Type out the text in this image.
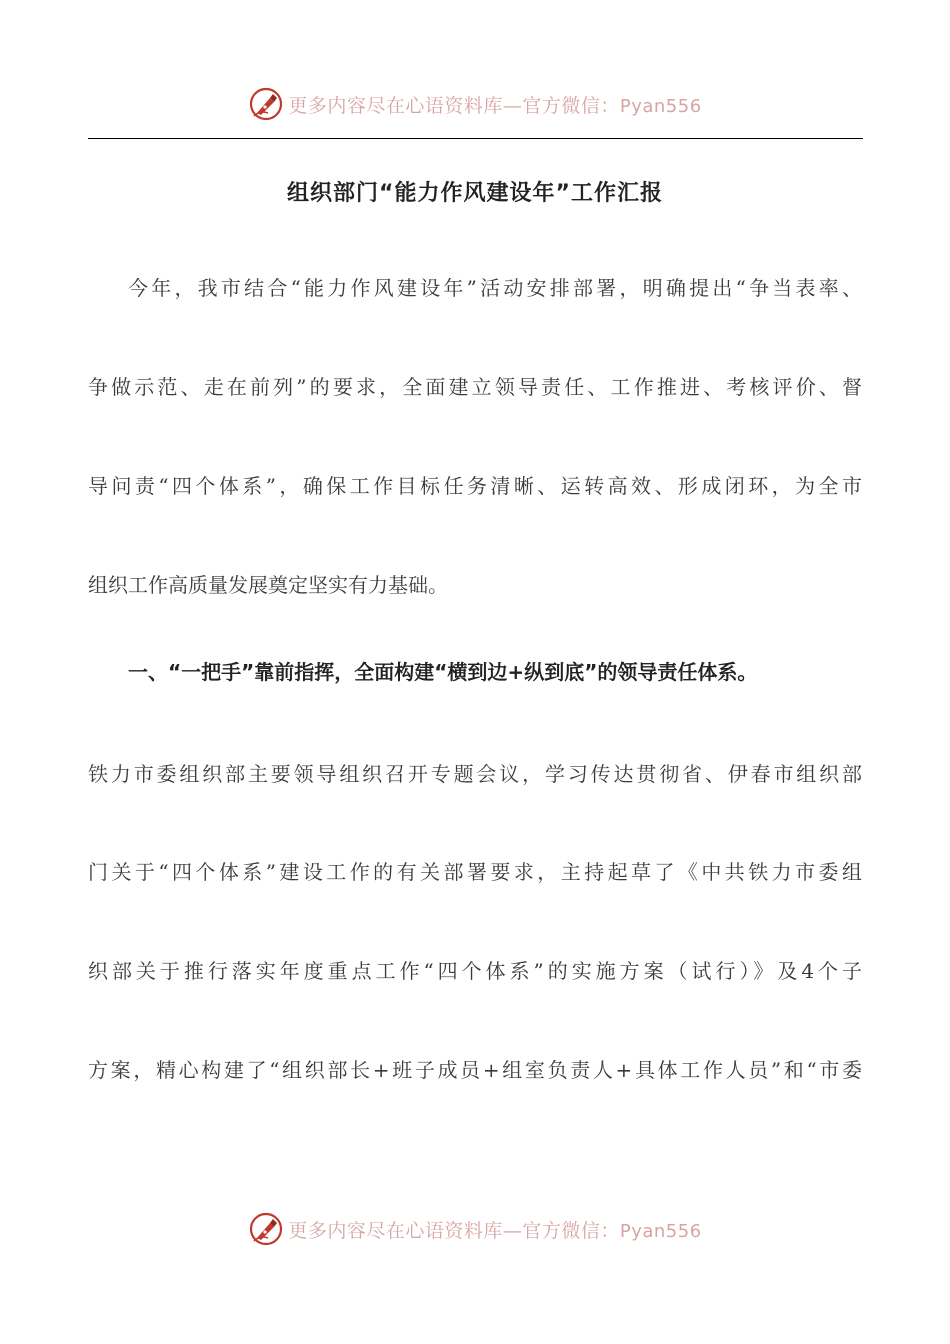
更多内容尽在心语资料库—官方微信：Pyan556
组织部门“能力作风建设年”工作汇报
今年，我市结合“能力作风建设年”活动安排部署，明确提出“争当表率、
争做示范、走在前列”的要求，全面建立领导责任、工作推进、考核评价、督
导问责“四个体系”，确保工作目标任务清晰、运转高效、形成闭环，为全市
组织工作高质量发展奠定坚实有力基础。
一、“一把手”靠前指挥，全面构建“横到边+纵到底”的领导责任体系。
铁力市委组织部主要领导组织召开专题会议，学习传达贯彻省、伊春市组织部
门关于“四个体系”建设工作的有关部署要求，主持起草了《中共铁力市委组
织部关于推行落实年度重点工作“四个体系”的实施方案（试行）》及4个子
方案，精心构建了“组织部长+班子成员+组室负责人+具体工作人员”和“市委
更多内容尽在心语资料库—官方微信：Pyan556
